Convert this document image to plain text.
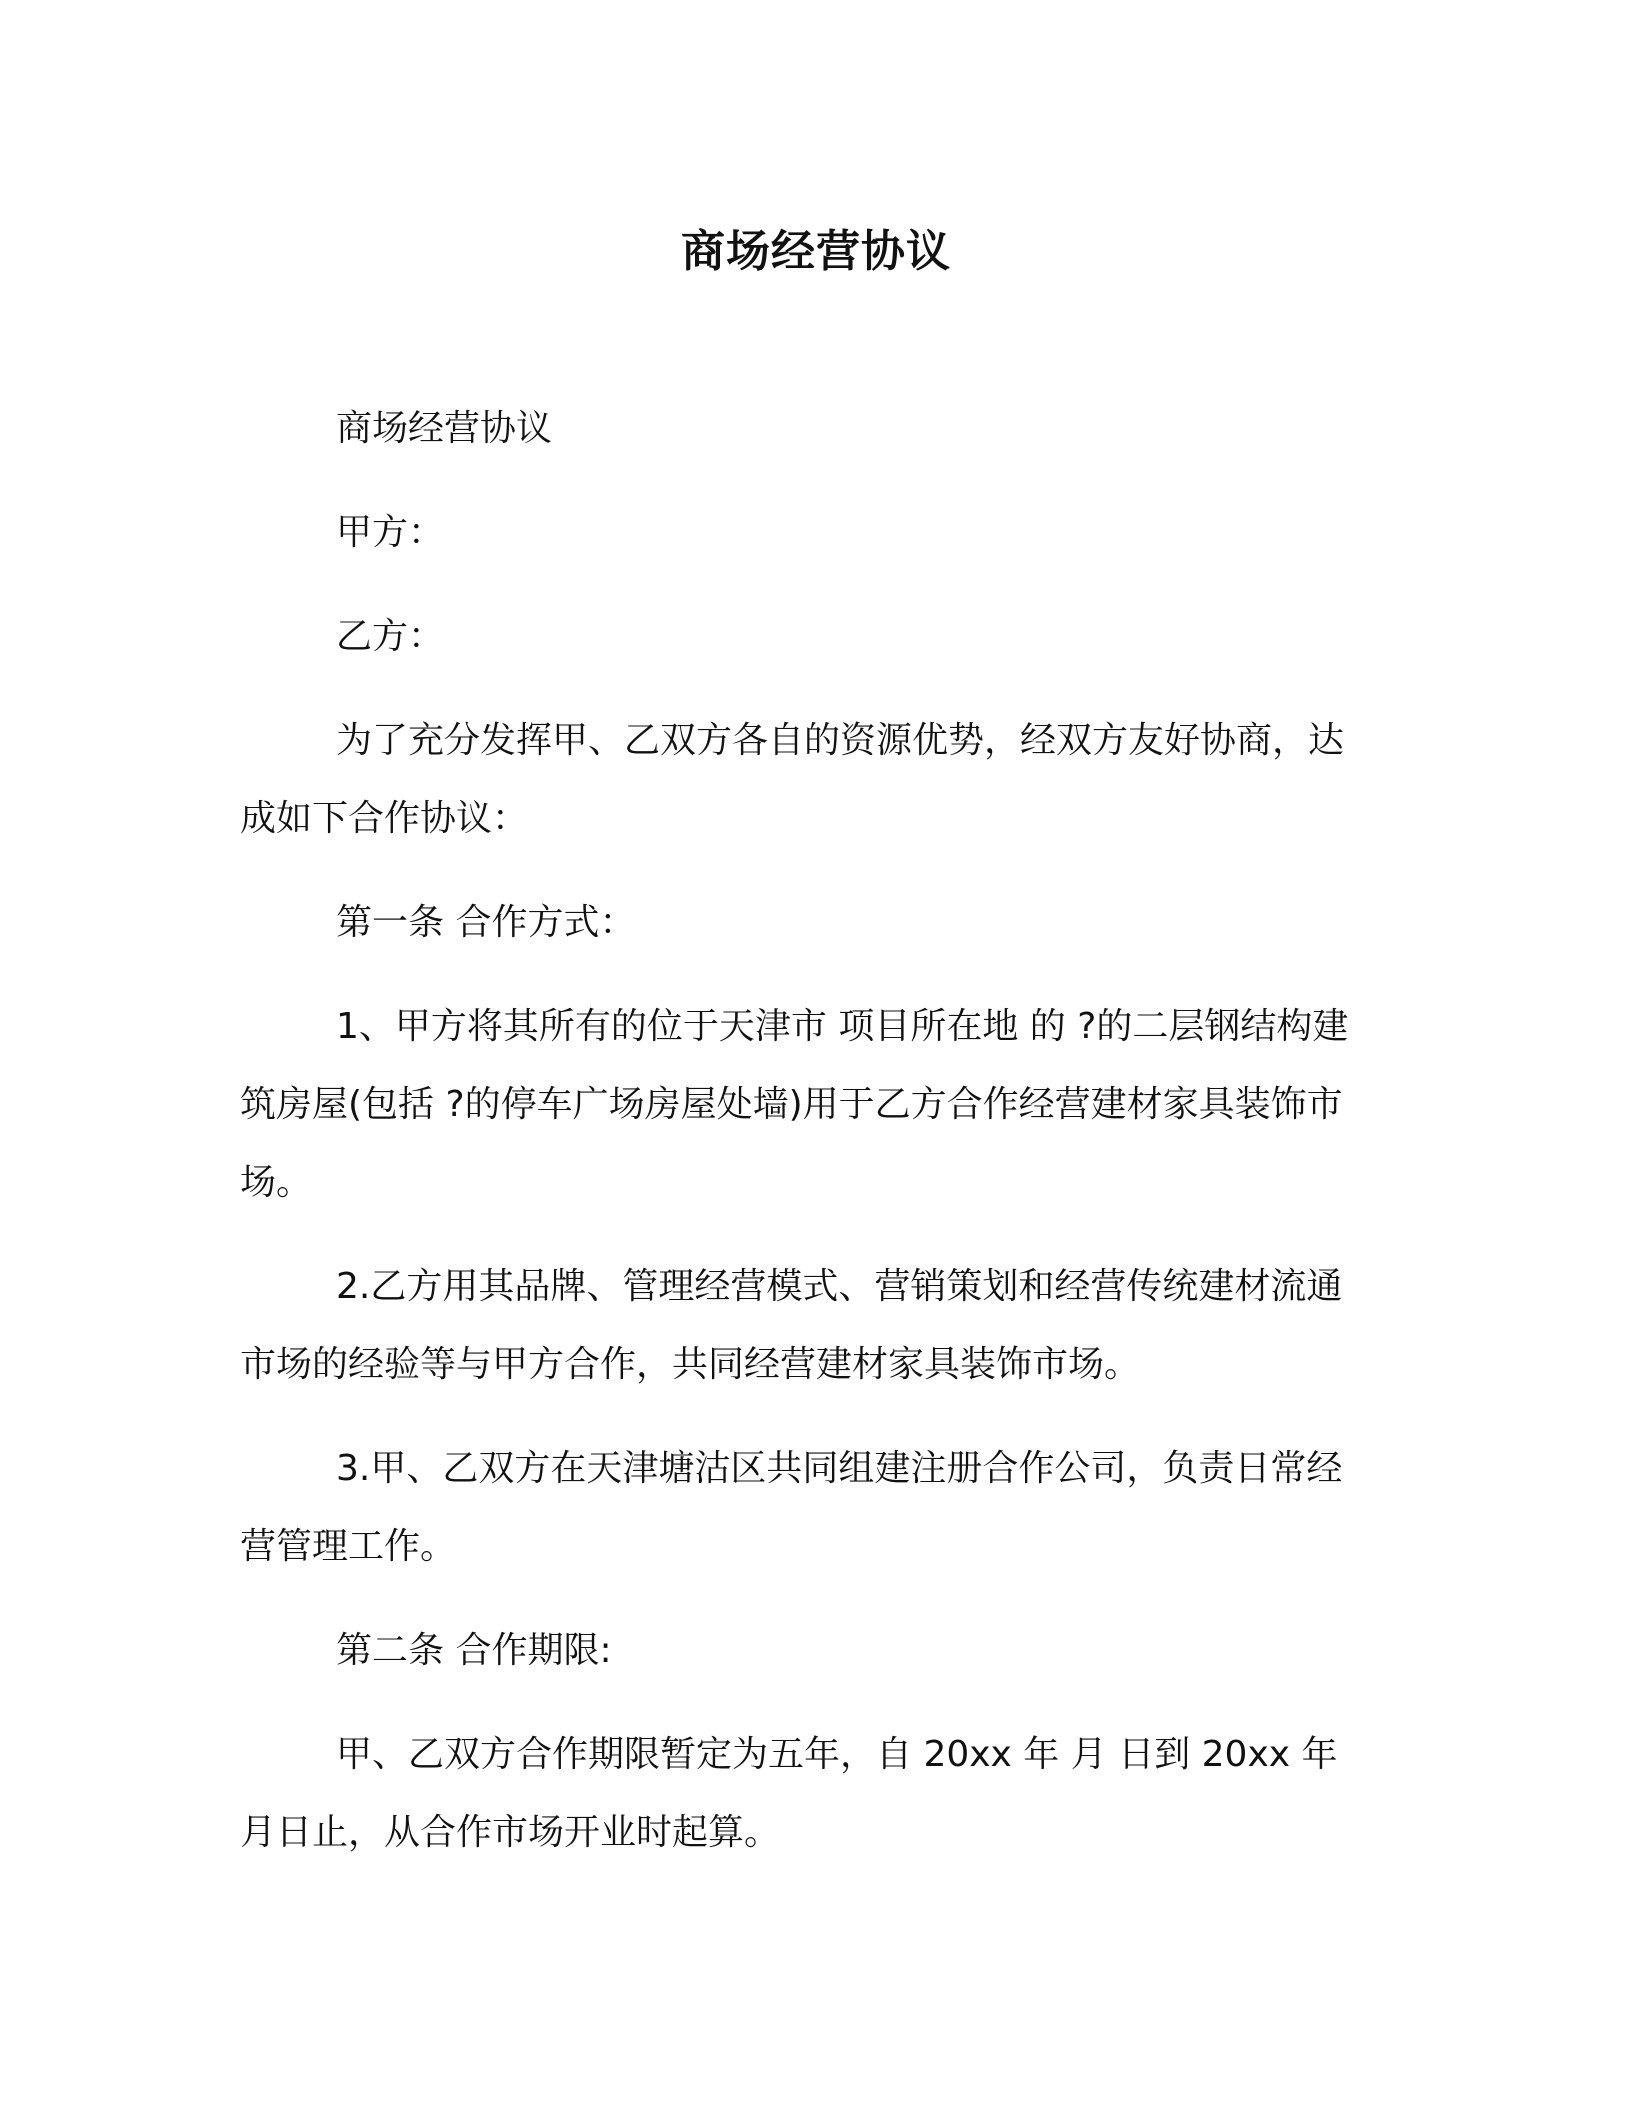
商场经营协议

商场经营协议

甲方：

乙方：

为了充分发挥甲、乙双方各自的资源优势，经双方友好协商，达成如下合作协议：

第一条 合作方式：

1、甲方将其所有的位于天津市 项目所在地 的 ?的二层钢结构建筑房屋(包括 ?的停车广场房屋处墙)用于乙方合作经营建材家具装饰市场。

2.乙方用其品牌、管理经营模式、营销策划和经营传统建材流通市场的经验等与甲方合作，共同经营建材家具装饰市场。

3.甲、乙双方在天津塘沽区共同组建注册合作公司，负责日常经营管理工作。

第二条 合作期限:

甲、乙双方合作期限暂定为五年，自 20xx 年 月 日到 20xx 年 月日止，从合作市场开业时起算。
